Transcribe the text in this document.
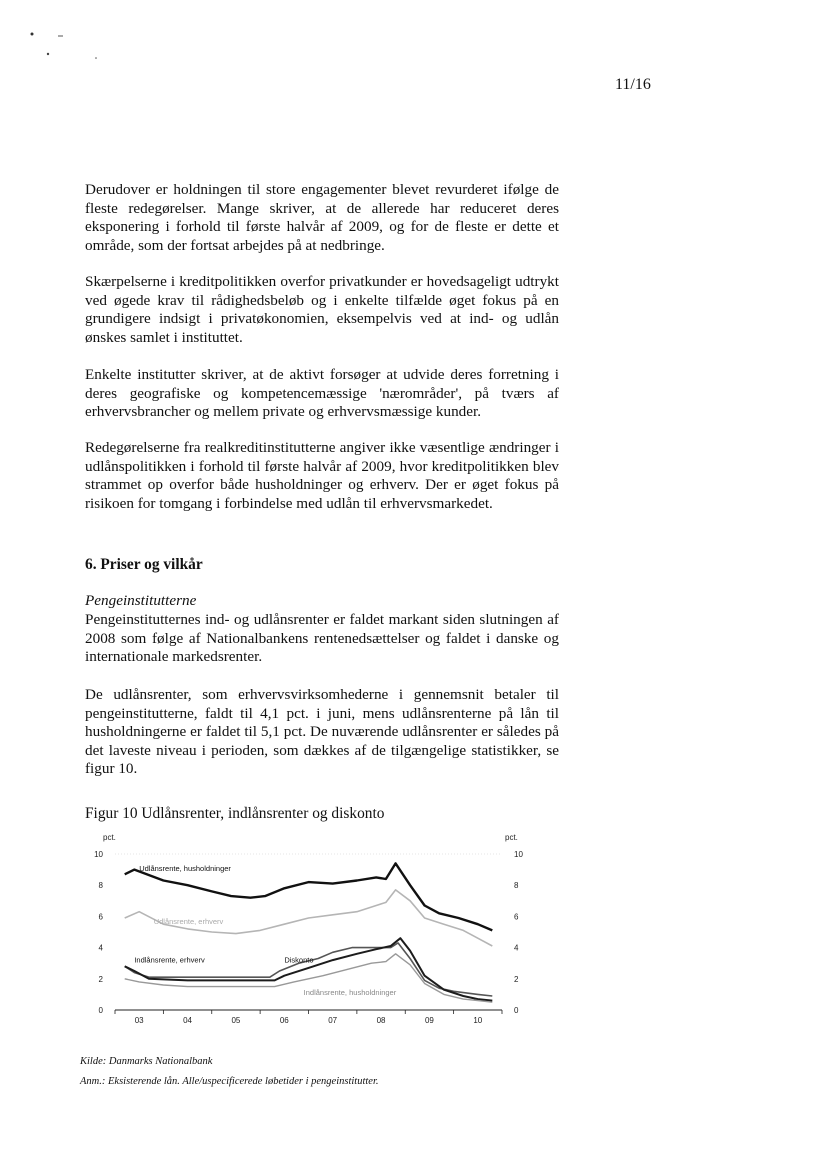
11/16

Derudover er holdningen til store engagementer blevet revurderet ifølge de fleste redegørelser. Mange skriver, at de allerede har reduceret deres eksponering i forhold til første halvår af 2009, og for de fleste er dette et område, som der fortsat arbejdes på at nedbringe.

Skærpelserne i kreditpolitikken overfor privatkunder er hovedsageligt udtrykt ved øgede krav til rådighedsbeløb og i enkelte tilfælde øget fokus på en grundigere indsigt i privatøkonomien, eksempelvis ved at ind- og udlån ønskes samlet i instituttet.

Enkelte institutter skriver, at de aktivt forsøger at udvide deres forretning i deres geografiske og kompetencemæssige 'nærområder', på tværs af erhvervsbrancher og mellem private og erhvervsmæssige kunder.

Redegørelserne fra realkreditinstitutterne angiver ikke væsentlige ændringer i udlånspolitikken i forhold til første halvår af 2009, hvor kreditpolitikken blev strammet op overfor både husholdninger og erhverv. Der er øget fokus på risikoen for tomgang i forbindelse med udlån til erhvervsmarkedet.

6. Priser og vilkår

Pengeinstitutterne

Pengeinstitutternes ind- og udlånsrenter er faldet markant siden slutningen af 2008 som følge af Nationalbankens rentenedsættelser og faldet i danske og internationale markedsrenter.

De udlånsrenter, som erhvervsvirksomhederne i gennemsnit betaler til pengeinstitutterne, faldt til 4,1 pct. i juni, mens udlånsrenterne på lån til husholdningerne er faldet til 5,1 pct. De nuværende udlånsrenter er således på det laveste niveau i perioden, som dækkes af de tilgængelige statistikker, se figur 10.

Figur 10 Udlånsrenter, indlånsrenter og diskonto

pct.	pct.
0	0
2	2
4	4
6	6
8	8
10	10
03	04	05	06	07	08	09	10
Udlånsrente, husholdninger
Udlånsrente, erhverv
Indlånsrente, erhverv	Diskonto
Indlånsrente, husholdninger
Kilde: Danmarks Nationalbank
Anm.: Eksisterende lån. Alle/uspecificerede løbetider i pengeinstitutter.
